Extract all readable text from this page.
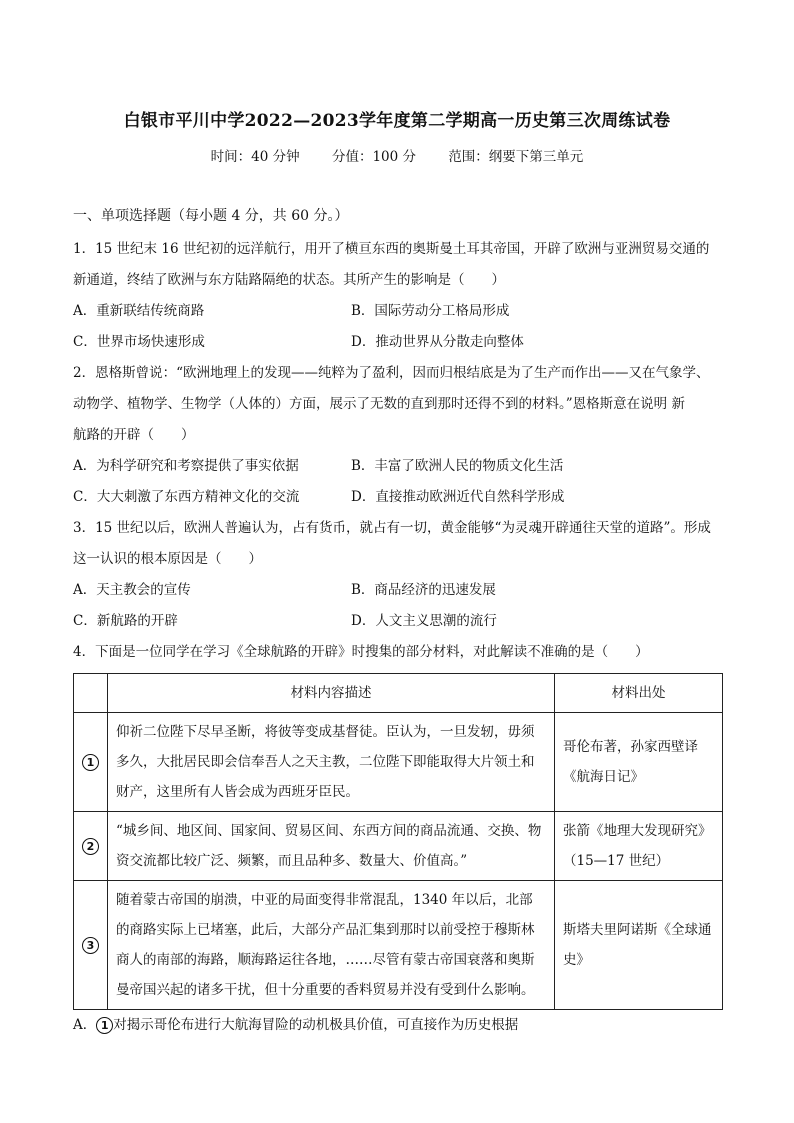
白银市平川中学2022—2023学年度第二学期高一历史第三次周练试卷
时间：40 分钟 分值：100 分 范围：纲要下第三单元
一、单项选择题（每小题 4 分，共 60 分。）

1．15 世纪末 16 世纪初的远洋航行，用开了横亘东西的奥斯曼土耳其帝国，开辟了欧洲与亚洲贸易交通的

新通道，终结了欧洲与东方陆路隔绝的状态。其所产生的影响是（　　）

A．重新联结传统商路	B．国际劳动分工格局形成
C．世界市场快速形成	D．推动世界从分散走向整体

2．恩格斯曾说：“欧洲地理上的发现——纯粹为了盈利，因而归根结底是为了生产而作出——又在气象学、

动物学、植物学、生物学（人体的）方面，展示了无数的直到那时还得不到的材料。”恩格斯意在说明 新

航路的开辟（　　）

A．为科学研究和考察提供了事实依据	B．丰富了欧洲人民的物质文化生活
C．大大刺激了东西方精神文化的交流	D．直接推动欧洲近代自然科学形成

3．15 世纪以后，欧洲人普遍认为，占有货币，就占有一切，黄金能够“为灵魂开辟通往天堂的道路”。形成

这一认识的根本原因是（　　）

A．天主教会的宣传	B．商品经济的迅速发展
C．新航路的开辟	D．人文主义思潮的流行

4．下面是一位同学在学习《全球航路的开辟》时搜集的部分材料，对此解读不准确的是（　　）

	材料内容描述	材料出处
1	仰祈二位陛下尽早圣断，将彼等变成基督徒。臣认为，一旦发轫，毋须多久，大批居民即会信奉吾人之天主教，二位陛下即能取得大片领土和财产，这里所有人皆会成为西班牙臣民。	哥伦布著，孙家西壁译《航海日记》
2	“城乡间、地区间、国家间、贸易区间、东西方间的商品流通、交换、物资交流都比较广泛、频繁，而且品种多、数量大、价值高。”	张箭《地理大发现研究》（15—17 世纪）
3	随着蒙古帝国的崩溃，中亚的局面变得非常混乱，1340 年以后，北部的商路实际上已堵塞，此后，大部分产品汇集到那时以前受控于穆斯林商人的南部的海路，顺海路运往各地，……尽管有蒙古帝国衰落和奥斯曼帝国兴起的诸多干扰，但十分重要的香料贸易并没有受到什么影响。	斯塔夫里阿诺斯《全球通史》

A． 1 对揭示哥伦布进行大航海冒险的动机极具价值，可直接作为历史根据
